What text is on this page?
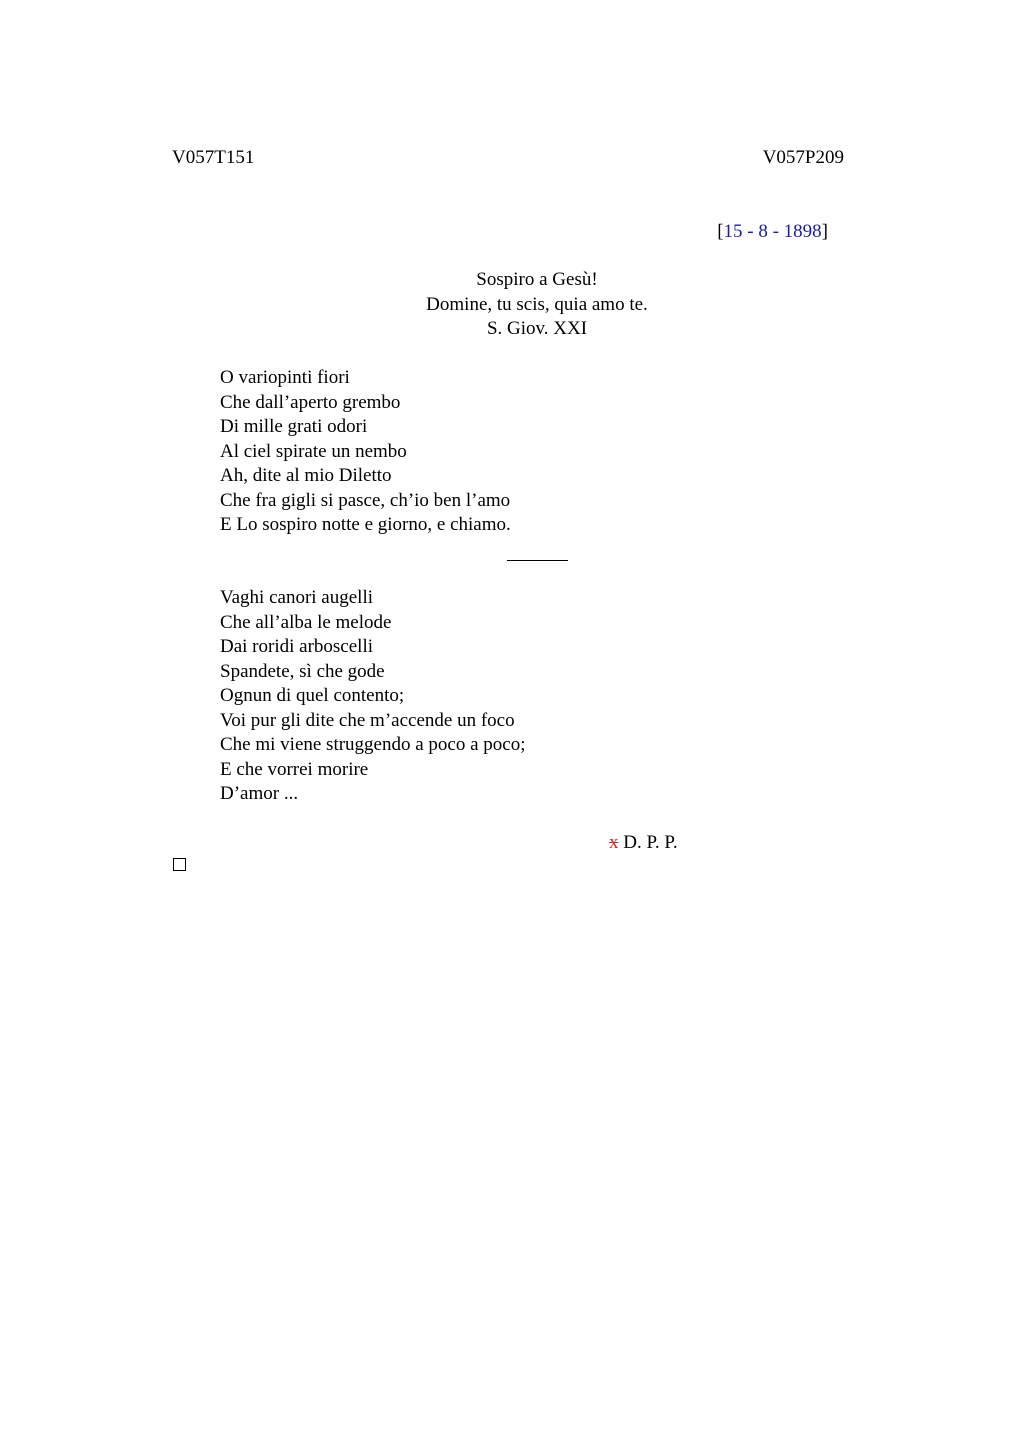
V057T151	V057P209
[15 - 8 - 1898]
Sospiro a Gesù!
Domine, tu scis, quia amo te.
S. Giov. XXI
O variopinti fiori
Che dall’aperto grembo
Di mille grati odori
Al ciel spirate un nembo
Ah, dite al mio Diletto
Che fra gigli si pasce, ch’io ben l’amo
E Lo sospiro notte e giorno, e chiamo.
Vaghi canori augelli
Che all’alba le melode
Dai roridi arboscelli
Spandete, sì che gode
Ognun di quel contento;
Voi pur gli dite che m’accende un foco
Che mi viene struggendo a poco a poco;
E che vorrei morire
D’amor ...
x D. P. P.
